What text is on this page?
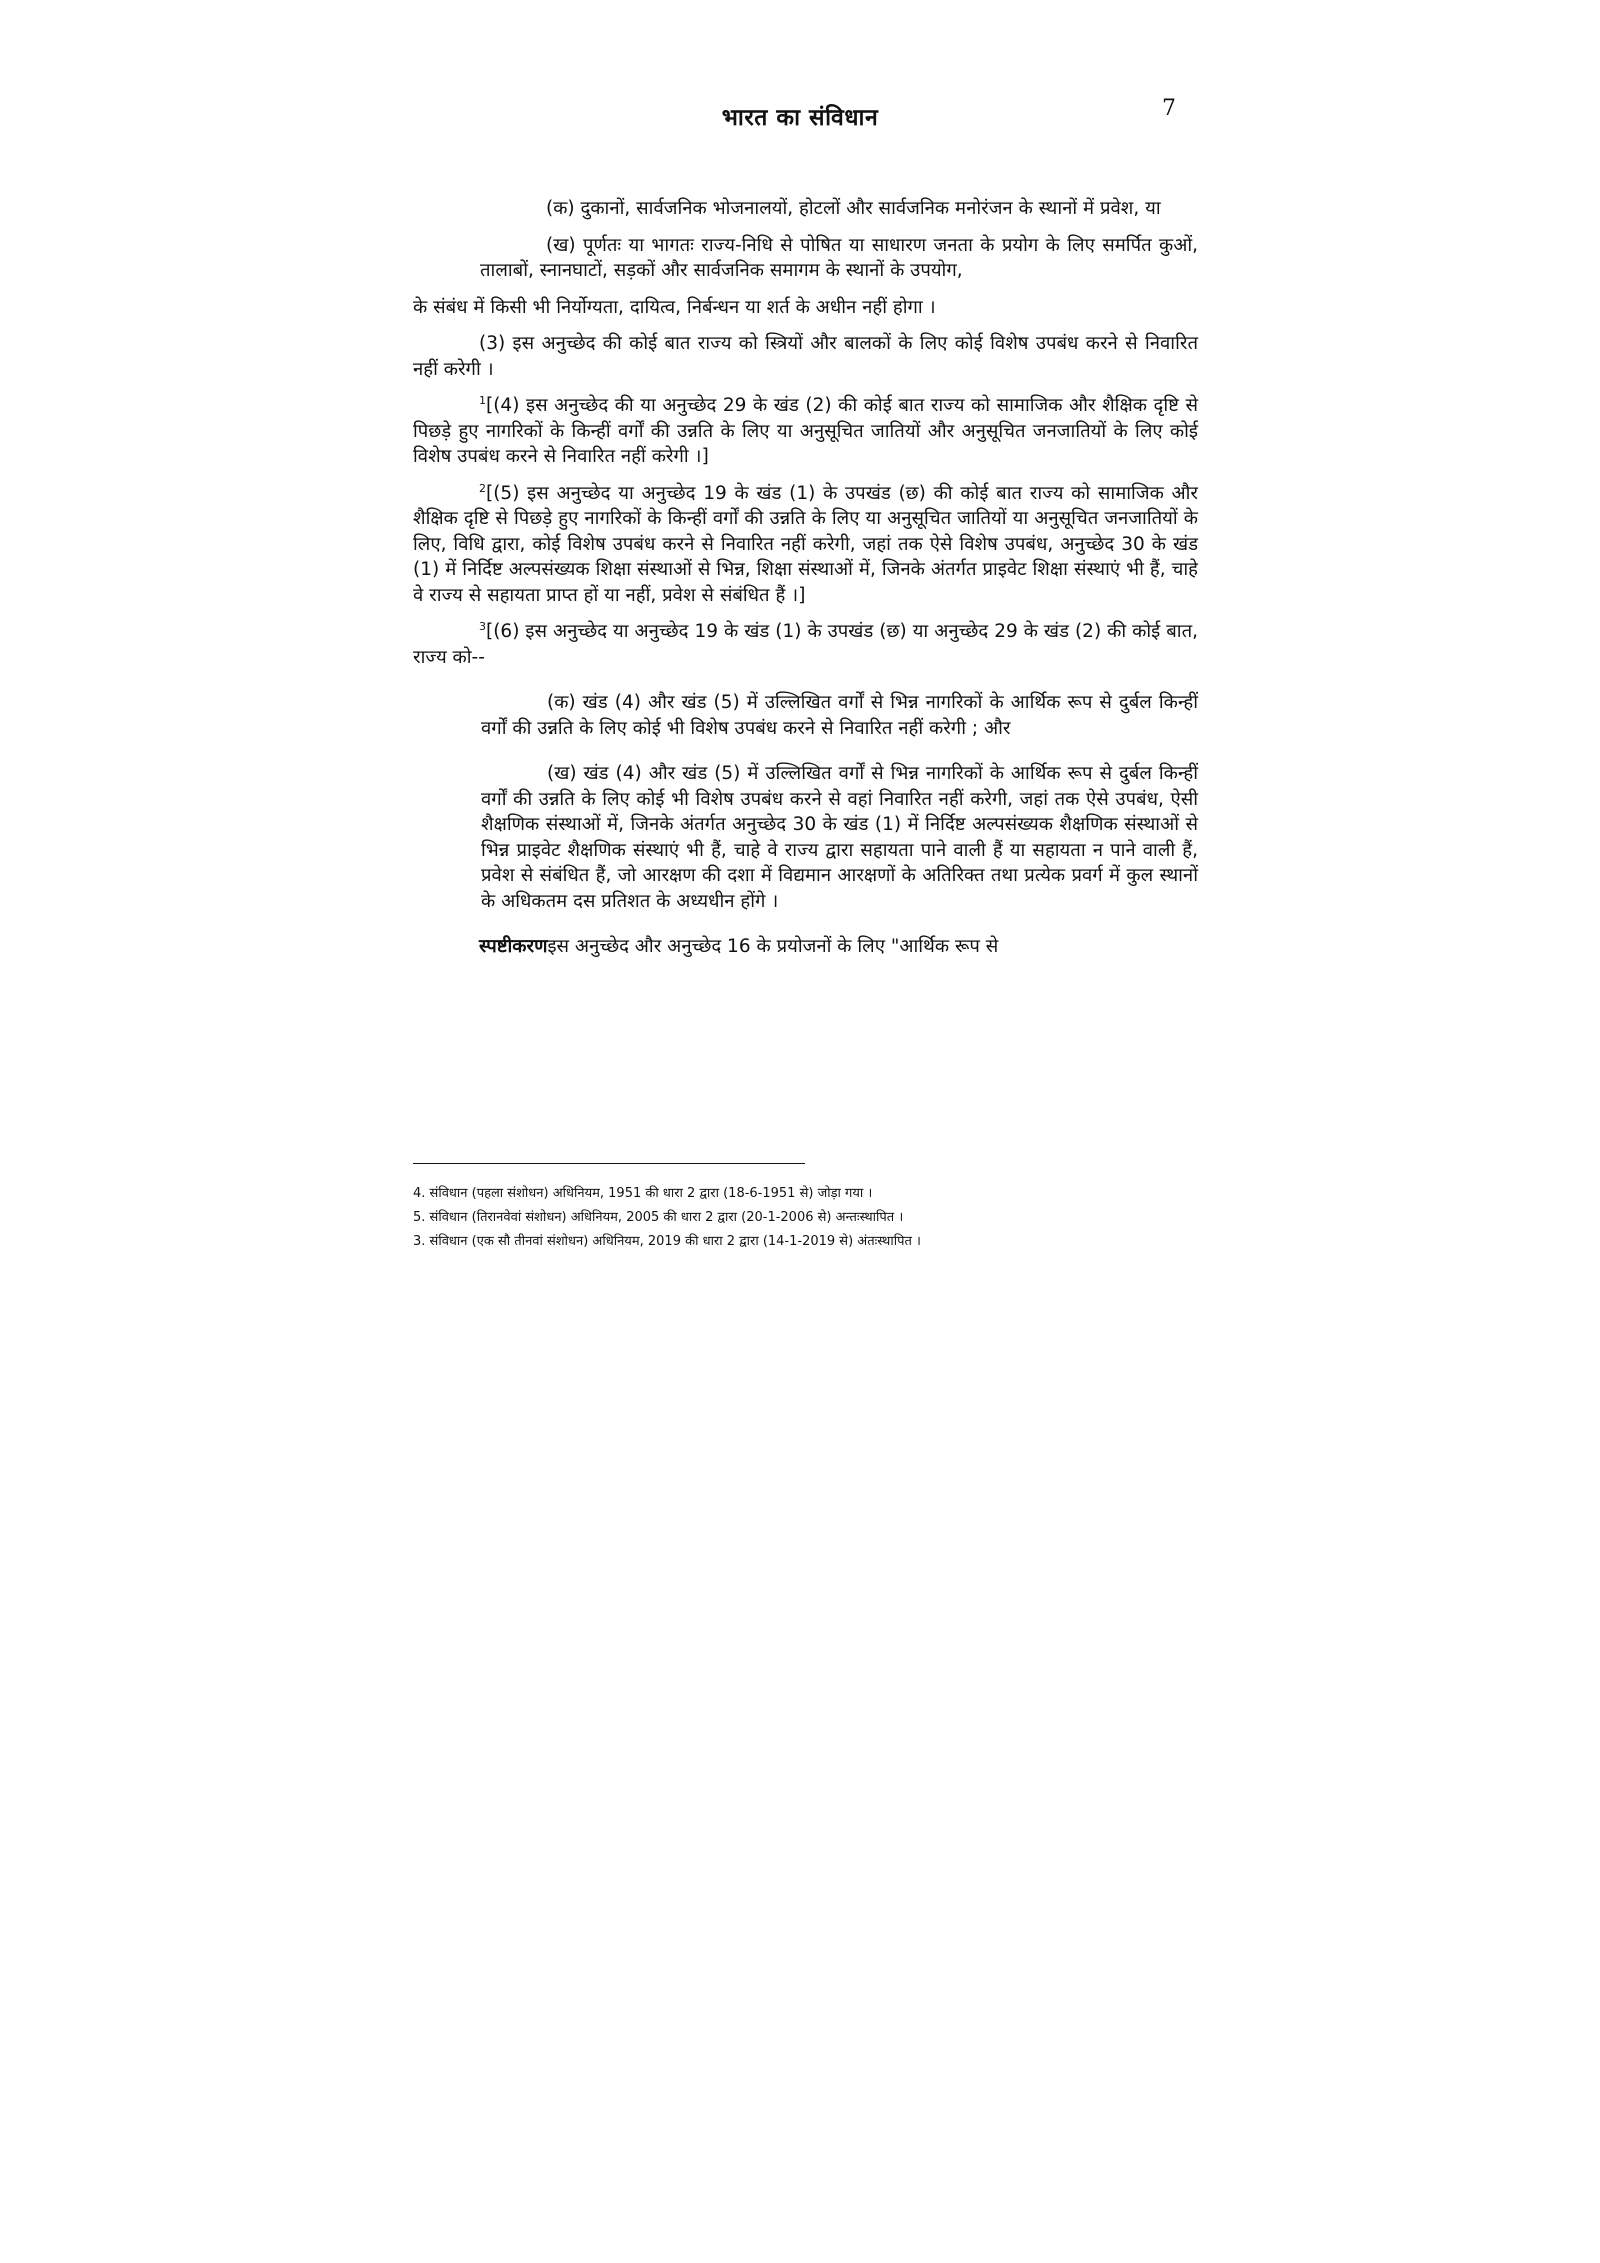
भारत का संविधान	7

(क) दुकानों, सार्वजनिक भोजनालयों, होटलों और सार्वजनिक मनोरंजन के स्थानों में प्रवेश, या

(ख) पूर्णतः या भागतः राज्य-निधि से पोषित या साधारण जनता के प्रयोग के लिए समर्पित कुओं, तालाबों, स्नानघाटों, सड़कों और सार्वजनिक समागम के स्थानों के उपयोग,

के संबंध में किसी भी निर्योग्यता, दायित्व, निर्बन्धन या शर्त के अधीन नहीं होगा ।

(3) इस अनुच्छेद की कोई बात राज्य को स्त्रियों और बालकों के लिए कोई विशेष उपबंध करने से निवारित नहीं करेगी ।

$^1$[(4) इस अनुच्छेद की या अनुच्छेद 29 के खंड (2) की कोई बात राज्य को सामाजिक और शैक्षिक दृष्टि से पिछड़े हुए नागरिकों के किन्हीं वर्गों की उन्नति के लिए या अनुसूचित जातियों और अनुसूचित जनजातियों के लिए कोई विशेष उपबंध करने से निवारित नहीं करेगी ।]

$^2$[(5) इस अनुच्छेद या अनुच्छेद 19 के खंड (1) के उपखंड (छ) की कोई बात राज्य को सामाजिक और शैक्षिक दृष्टि से पिछड़े हुए नागरिकों के किन्हीं वर्गों की उन्नति के लिए या अनुसूचित जातियों या अनुसूचित जनजातियों के लिए, विधि द्वारा, कोई विशेष उपबंध करने से निवारित नहीं करेगी, जहां तक ऐसे विशेष उपबंध, अनुच्छेद 30 के खंड (1) में निर्दिष्ट अल्पसंख्यक शिक्षा संस्थाओं से भिन्न, शिक्षा संस्थाओं में, जिनके अंतर्गत प्राइवेट शिक्षा संस्थाएं भी हैं, चाहे वे राज्य से सहायता प्राप्त हों या नहीं, प्रवेश से संबंधित हैं ।]

$^3$[(6) इस अनुच्छेद या अनुच्छेद 19 के खंड (1) के उपखंड (छ) या अनुच्छेद 29 के खंड (2) की कोई बात, राज्य को--

(क) खंड (4) और खंड (5) में उल्लिखित वर्गों से भिन्न नागरिकों के आर्थिक रूप से दुर्बल किन्हीं वर्गों की उन्नति के लिए कोई भी विशेष उपबंध करने से निवारित नहीं करेगी ; और

(ख) खंड (4) और खंड (5) में उल्लिखित वर्गों से भिन्न नागरिकों के आर्थिक रूप से दुर्बल किन्हीं वर्गों की उन्नति के लिए कोई भी विशेष उपबंध करने से वहां निवारित नहीं करेगी, जहां तक ऐसे उपबंध, ऐसी शैक्षणिक संस्थाओं में, जिनके अंतर्गत अनुच्छेद 30 के खंड (1) में निर्दिष्ट अल्पसंख्यक शैक्षणिक संस्थाओं से भिन्न प्राइवेट शैक्षणिक संस्थाएं भी हैं, चाहे वे राज्य द्वारा सहायता पाने वाली हैं या सहायता न पाने वाली हैं, प्रवेश से संबंधित हैं, जो आरक्षण की दशा में विद्यमान आरक्षणों के अतिरिक्त तथा प्रत्येक प्रवर्ग में कुल स्थानों के अधिकतम दस प्रतिशत के अध्यधीन होंगे ।

स्पष्टीकरणइस अनुच्छेद और अनुच्छेद 16 के प्रयोजनों के लिए "आर्थिक रूप से

4. संविधान (पहला संशोधन) अधिनियम, 1951 की धारा 2 द्वारा (18-6-1951 से) जोड़ा गया ।
5. संविधान (तिरानवेवां संशोधन) अधिनियम, 2005 की धारा 2 द्वारा (20-1-2006 से) अन्तःस्थापित ।
3. संविधान (एक सौ तीनवां संशोधन) अधिनियम, 2019 की धारा 2 द्वारा (14-1-2019 से) अंतःस्थापित ।
